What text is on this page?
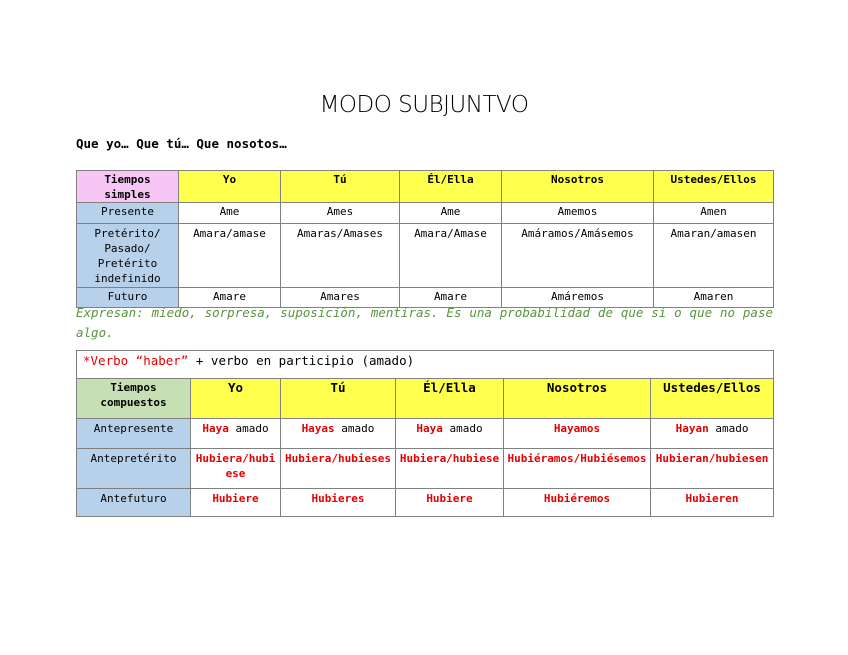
MODO SUBJUNTVO
Que yo… Que tú… Que nosotos…
Tiempos simples	Yo	Tú	Él/Ella	Nosotros	Ustedes/Ellos
Presente	Ame	Ames	Ame	Amemos	Amen
Pretérito/ Pasado/ Pretérito indefinido	Amara/amase	Amaras/Amases	Amara/Amase	Amáramos/Amásemos	Amaran/amasen
Futuro	Amare	Amares	Amare	Amáremos	Amaren
Expresan: miedo, sorpresa, suposición, mentiras. Es una probabilidad de que sí o que no pase algo.
*Verbo “haber” + verbo en participio (amado)					
Tiempos compuestos	Yo	Tú	Él/Ella	Nosotros	Ustedes/Ellos
Antepresente	Haya amado	Hayas amado	Haya amado	Hayamos	Hayan amado
Antepretérito	Hubiera/hubiese	Hubiera/hubieses	Hubiera/hubiese	Hubiéramos/Hubiésemos	Hubieran/hubiesen
Antefuturo	Hubiere	Hubieres	Hubiere	Hubiéremos	Hubieren
